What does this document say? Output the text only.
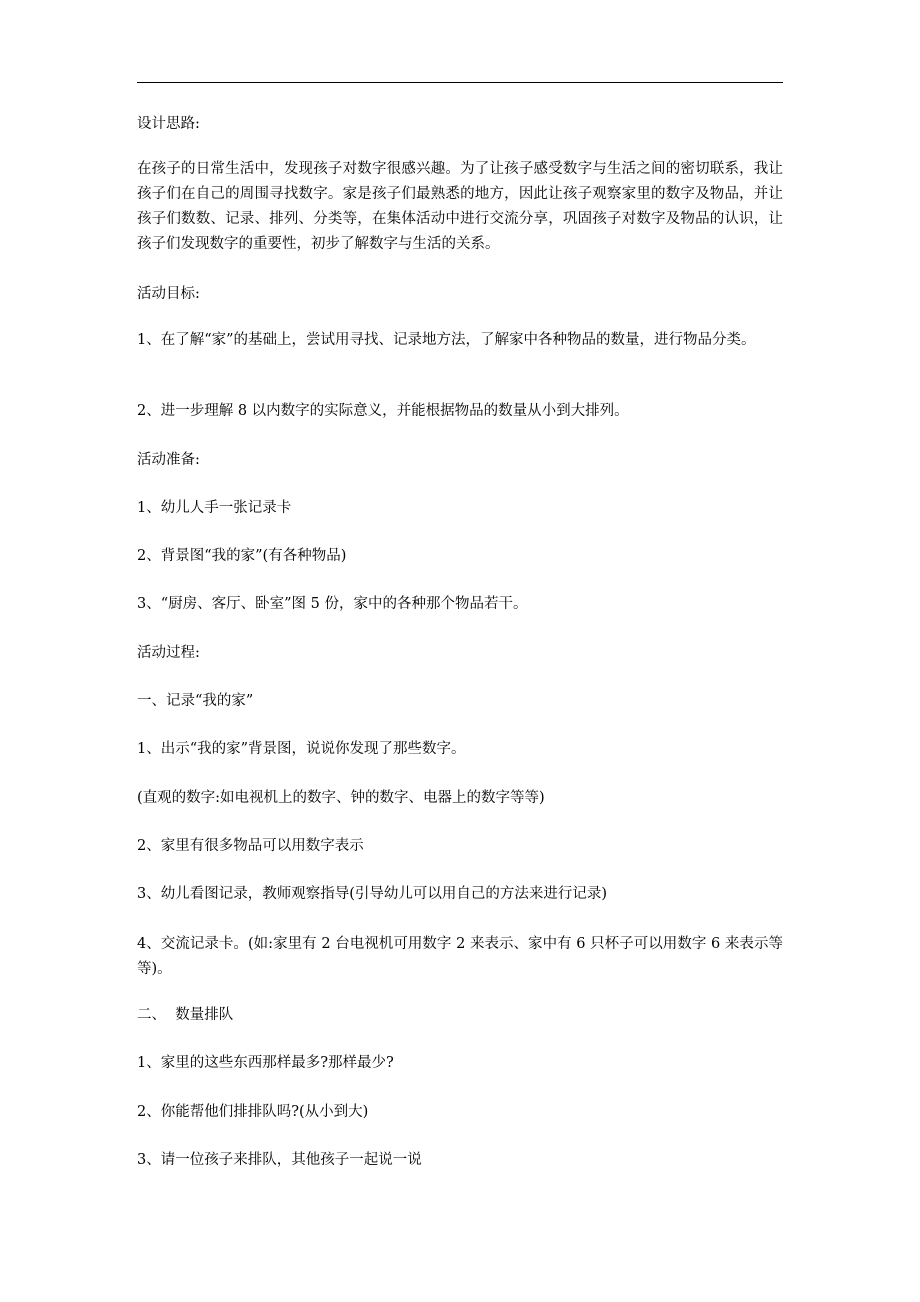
设计思路:

在孩子的日常生活中，发现孩子对数字很感兴趣。为了让孩子感受数字与生活之间的密切联系，我让孩子们在自己的周围寻找数字。家是孩子们最熟悉的地方，因此让孩子观察家里的数字及物品，并让孩子们数数、记录、排列、分类等，在集体活动中进行交流分享，巩固孩子对数字及物品的认识，让孩子们发现数字的重要性，初步了解数字与生活的关系。

活动目标:

1、在了解“家”的基础上，尝试用寻找、记录地方法，了解家中各种物品的数量，进行物品分类。

2、进一步理解 8 以内数字的实际意义，并能根据物品的数量从小到大排列。

活动准备:

1、幼儿人手一张记录卡

2、背景图“我的家”(有各种物品)

3、“厨房、客厅、卧室”图 5 份，家中的各种那个物品若干。

活动过程:

一、记录“我的家”

1、出示“我的家”背景图，说说你发现了那些数字。

(直观的数字:如电视机上的数字、钟的数字、电器上的数字等等)

2、家里有很多物品可以用数字表示

3、幼儿看图记录，教师观察指导(引导幼儿可以用自己的方法来进行记录)

4、交流记录卡。(如:家里有 2 台电视机可用数字 2 来表示、家中有 6 只杯子可以用数字 6 来表示等等)。

二、  数量排队

1、家里的这些东西那样最多?那样最少?

2、你能帮他们排排队吗?(从小到大)

3、请一位孩子来排队，其他孩子一起说一说
